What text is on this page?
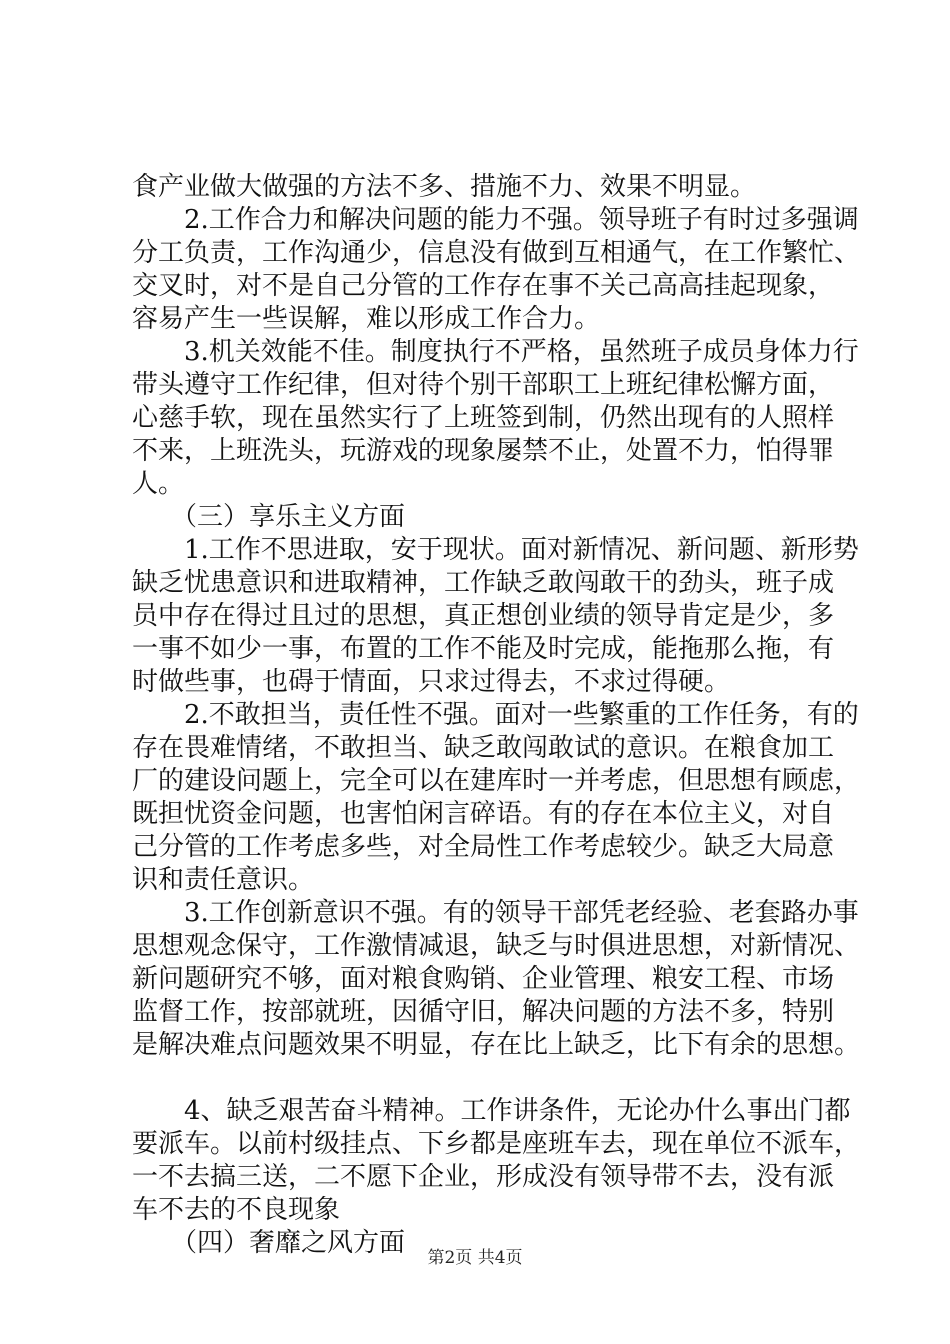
食产业做大做强的方法不多、措施不力、效果不明显。
　　2.工作合力和解决问题的能力不强。领导班子有时过多强调
分工负责，工作沟通少，信息没有做到互相通气，在工作繁忙、
交叉时，对不是自己分管的工作存在事不关己高高挂起现象，
容易产生一些误解，难以形成工作合力。
　　3.机关效能不佳。制度执行不严格，虽然班子成员身体力行
带头遵守工作纪律，但对待个别干部职工上班纪律松懈方面，
心慈手软，现在虽然实行了上班签到制，仍然出现有的人照样
不来，上班洗头，玩游戏的现象屡禁不止，处置不力，怕得罪
人。
　　（三）享乐主义方面
　　1.工作不思进取，安于现状。面对新情况、新问题、新形势
缺乏忧患意识和进取精神，工作缺乏敢闯敢干的劲头，班子成
员中存在得过且过的思想，真正想创业绩的领导肯定是少，多
一事不如少一事，布置的工作不能及时完成，能拖那么拖，有
时做些事，也碍于情面，只求过得去，不求过得硬。
　　2.不敢担当，责任性不强。面对一些繁重的工作任务，有的
存在畏难情绪，不敢担当、缺乏敢闯敢试的意识。在粮食加工
厂的建设问题上，完全可以在建库时一并考虑，但思想有顾虑，
既担忧资金问题，也害怕闲言碎语。有的存在本位主义，对自
己分管的工作考虑多些，对全局性工作考虑较少。缺乏大局意
识和责任意识。
　　3.工作创新意识不强。有的领导干部凭老经验、老套路办事
思想观念保守，工作激情减退，缺乏与时俱进思想，对新情况、
新问题研究不够，面对粮食购销、企业管理、粮安工程、市场
监督工作，按部就班，因循守旧，解决问题的方法不多，特别
是解决难点问题效果不明显，存在比上缺乏，比下有余的思想。
　　4、缺乏艰苦奋斗精神。工作讲条件，无论办什么事出门都
要派车。以前村级挂点、下乡都是座班车去，现在单位不派车，
一不去搞三送，二不愿下企业，形成没有领导带不去，没有派
车不去的不良现象
　　（四）奢靡之风方面	第2页 共4页
